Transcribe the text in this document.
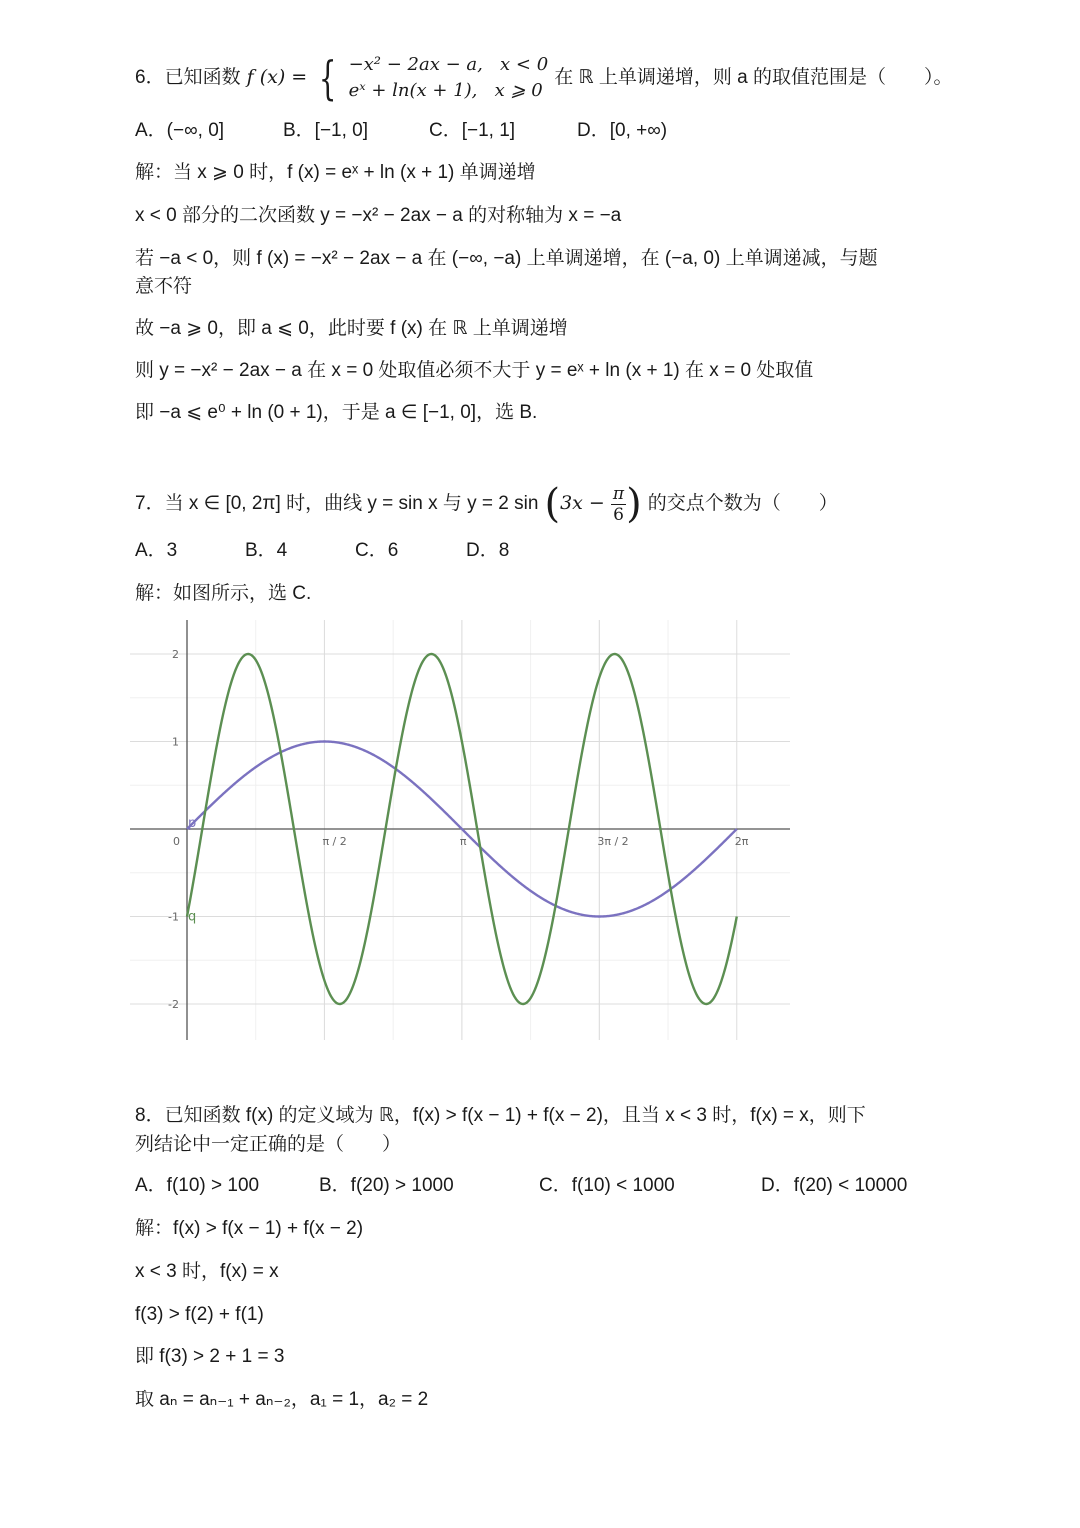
6．已知函数 f (x) = { −x² − 2ax − a, x < 0
eˣ + ln(x + 1), x ⩾ 0
在 ℝ 上单调递增，则 a 的取值范围是（　　）。
A．(−∞, 0]	B．[−1, 0]	C．[−1, 1]	D．[0, +∞)
解：当 x ⩾ 0 时，f (x) = eˣ + ln (x + 1) 单调递增
x < 0 部分的二次函数 y = −x² − 2ax − a 的对称轴为 x = −a
若 −a < 0，则 f (x) = −x² − 2ax − a 在 (−∞, −a) 上单调递增，在 (−a, 0) 上单调递减，与题
意不符
故 −a ⩾ 0，即 a ⩽ 0，此时要 f (x) 在 ℝ 上单调递增
则 y = −x² − 2ax − a 在 x = 0 处取值必须不大于 y = eˣ + ln (x + 1) 在 x = 0 处取值
即 −a ⩽ e⁰ + ln (0 + 1)，于是 a ∈ [−1, 0]，选 B.
7．当 x ∈ [0, 2π] 时，曲线 y = sin x 与 y = 2 $\sin (3x - \frac{\pi}{6}$ ) 的交点个数为（　　）
A．3	B．4	C．6	D．8
解：如图所示，选 C.
0	π / 2	π	3π / 2	2π
2
1
-1
-2
p
q
8．已知函数 f(x) 的定义域为 ℝ，f(x) > f(x − 1) + f(x − 2)，且当 x < 3 时，f(x) = x，则下
列结论中一定正确的是（　　）
A．f(10) > 100	B．f(20) > 1000	C．f(10) < 1000	D．f(20) < 10000
解：f(x) > f(x − 1) + f(x − 2)
x < 3 时，f(x) = x
f(3) > f(2) + f(1)
即 f(3) > 2 + 1 = 3
取 aₙ = aₙ₋₁ + aₙ₋₂，a₁ = 1，a₂ = 2
